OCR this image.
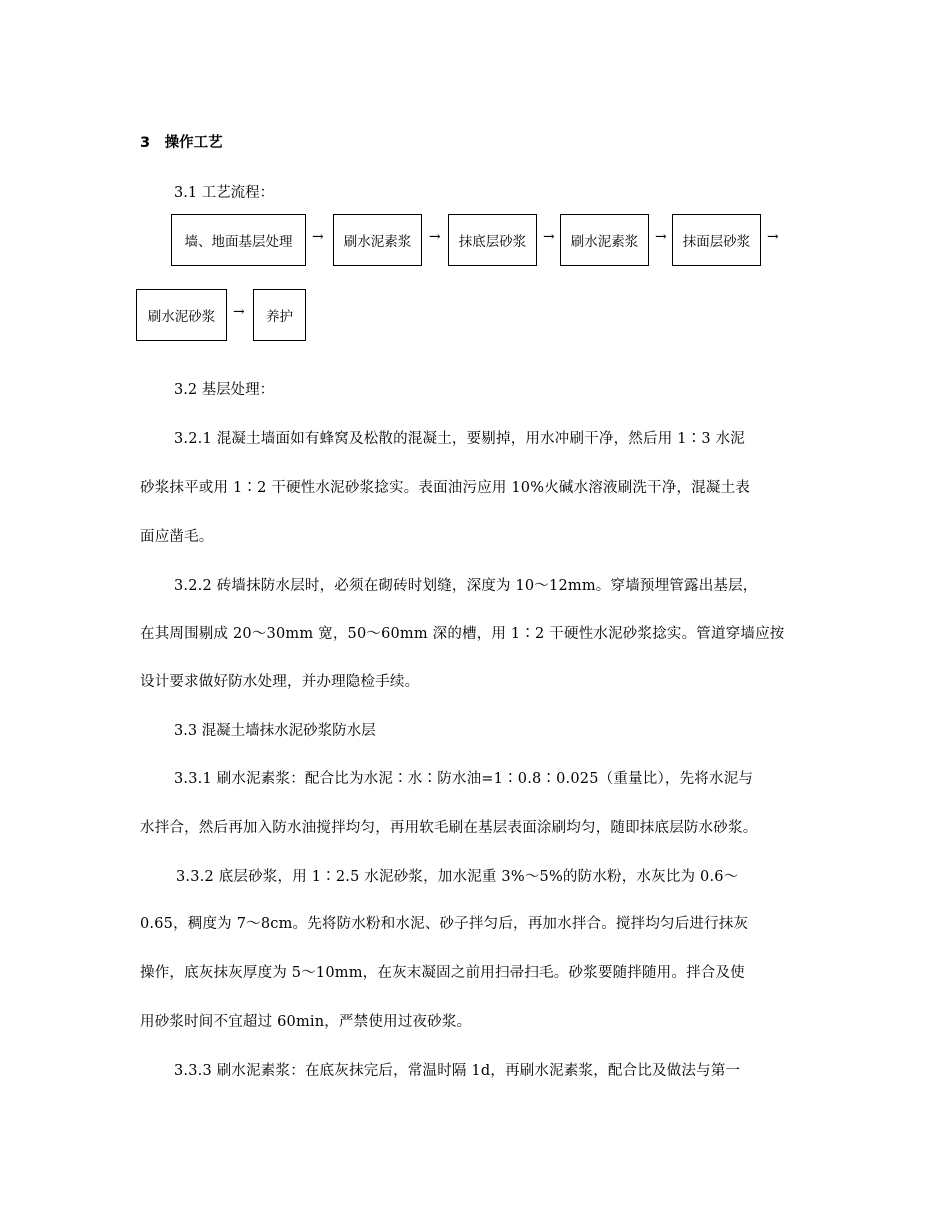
3　操作工艺
3.1 工艺流程：
墙、地面基层处理	→	刷水泥素浆	→	抹底层砂浆	→	刷水泥素浆	→	抹面层砂浆	→
刷水泥砂浆	→	养护
3.2 基层处理：
3.2.1 混凝土墙面如有蜂窝及松散的混凝土，要剔掉，用水冲刷干净，然后用 1∶3 水泥
砂浆抹平或用 1∶2 干硬性水泥砂浆捻实。表面油污应用 10%火碱水溶液刷洗干净，混凝土表
面应凿毛。
3.2.2 砖墙抹防水层时，必须在砌砖时划缝，深度为 10～12mm。穿墙预埋管露出基层，
在其周围剔成 20～30mm 宽，50～60mm 深的槽，用 1∶2 干硬性水泥砂浆捻实。管道穿墙应按
设计要求做好防水处理，并办理隐检手续。
3.3 混凝土墙抹水泥砂浆防水层
3.3.1 刷水泥素浆：配合比为水泥∶水∶防水油=1∶0.8∶0.025（重量比），先将水泥与
水拌合，然后再加入防水油搅拌均匀，再用软毛刷在基层表面涂刷均匀，随即抹底层防水砂浆。
3.3.2 底层砂浆，用 1∶2.5 水泥砂浆，加水泥重 3%～5%的防水粉，水灰比为 0.6～
0.65，稠度为 7～8cm。先将防水粉和水泥、砂子拌匀后，再加水拌合。搅拌均匀后进行抹灰
操作，底灰抹灰厚度为 5～10mm，在灰末凝固之前用扫帚扫毛。砂浆要随拌随用。拌合及使
用砂浆时间不宜超过 60min，严禁使用过夜砂浆。
3.3.3 刷水泥素浆：在底灰抹完后，常温时隔 1d，再刷水泥素浆，配合比及做法与第一
